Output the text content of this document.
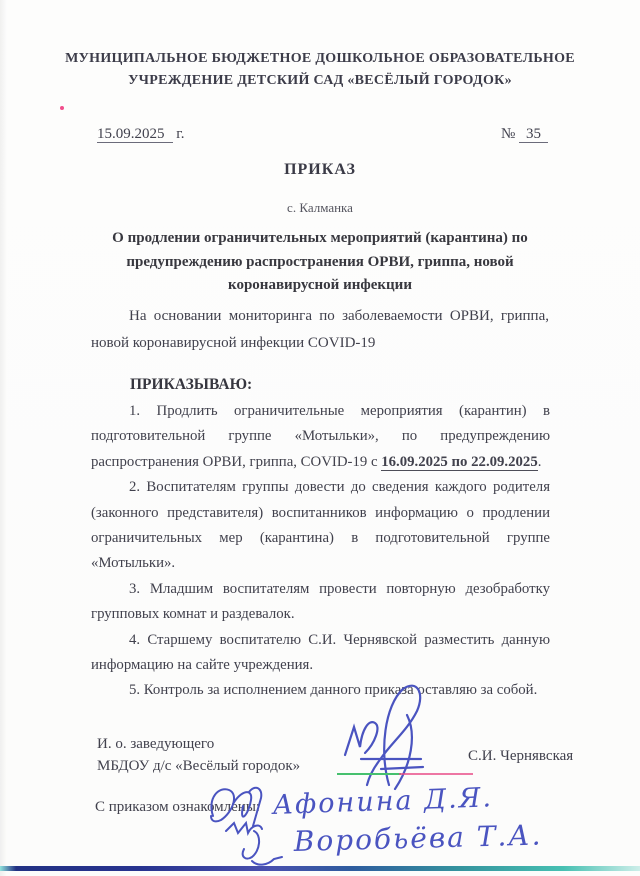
МУНИЦИПАЛЬНОЕ БЮДЖЕТНОЕ ДОШКОЛЬНОЕ ОБРАЗОВАТЕЛЬНОЕ
УЧРЕЖДЕНИЕ ДЕТСКИЙ САД «ВЕСЁЛЫЙ ГОРОДОК»
15.09.2025 г.	№ 35
ПРИКАЗ
с. Калманка
О продлении ограничительных мероприятий (карантина) по
предупреждению распространения ОРВИ, гриппа, новой
коронавирусной инфекции
На основании мониторинга по заболеваемости ОРВИ, гриппа, новой коронавирусной инфекции COVID-19
ПРИКАЗЫВАЮ:

1. Продлить ограничительные мероприятия (карантин) в подготовительной группе «Мотыльки», по предупреждению распространения ОРВИ, гриппа, COVID-19 с 16.09.2025 по 22.09.2025.

2. Воспитателям группы довести до сведения каждого родителя (законного представителя) воспитанников информацию о продлении ограничительных мер (карантина) в подготовительной группе «Мотыльки».

3. Младшим воспитателям провести повторную дезобработку групповых комнат и раздевалок.

4. Старшему воспитателю С.И. Чернявской разместить данную информацию на сайте учреждения.

5. Контроль за исполнением данного приказа оставляю за собой.

И. о. заведующего
МБДОУ д/с «Весёлый городок»
С.И. Чернявская
С приказом ознакомлены: Афонина Д.Я.
Воробьёва Т.А.
